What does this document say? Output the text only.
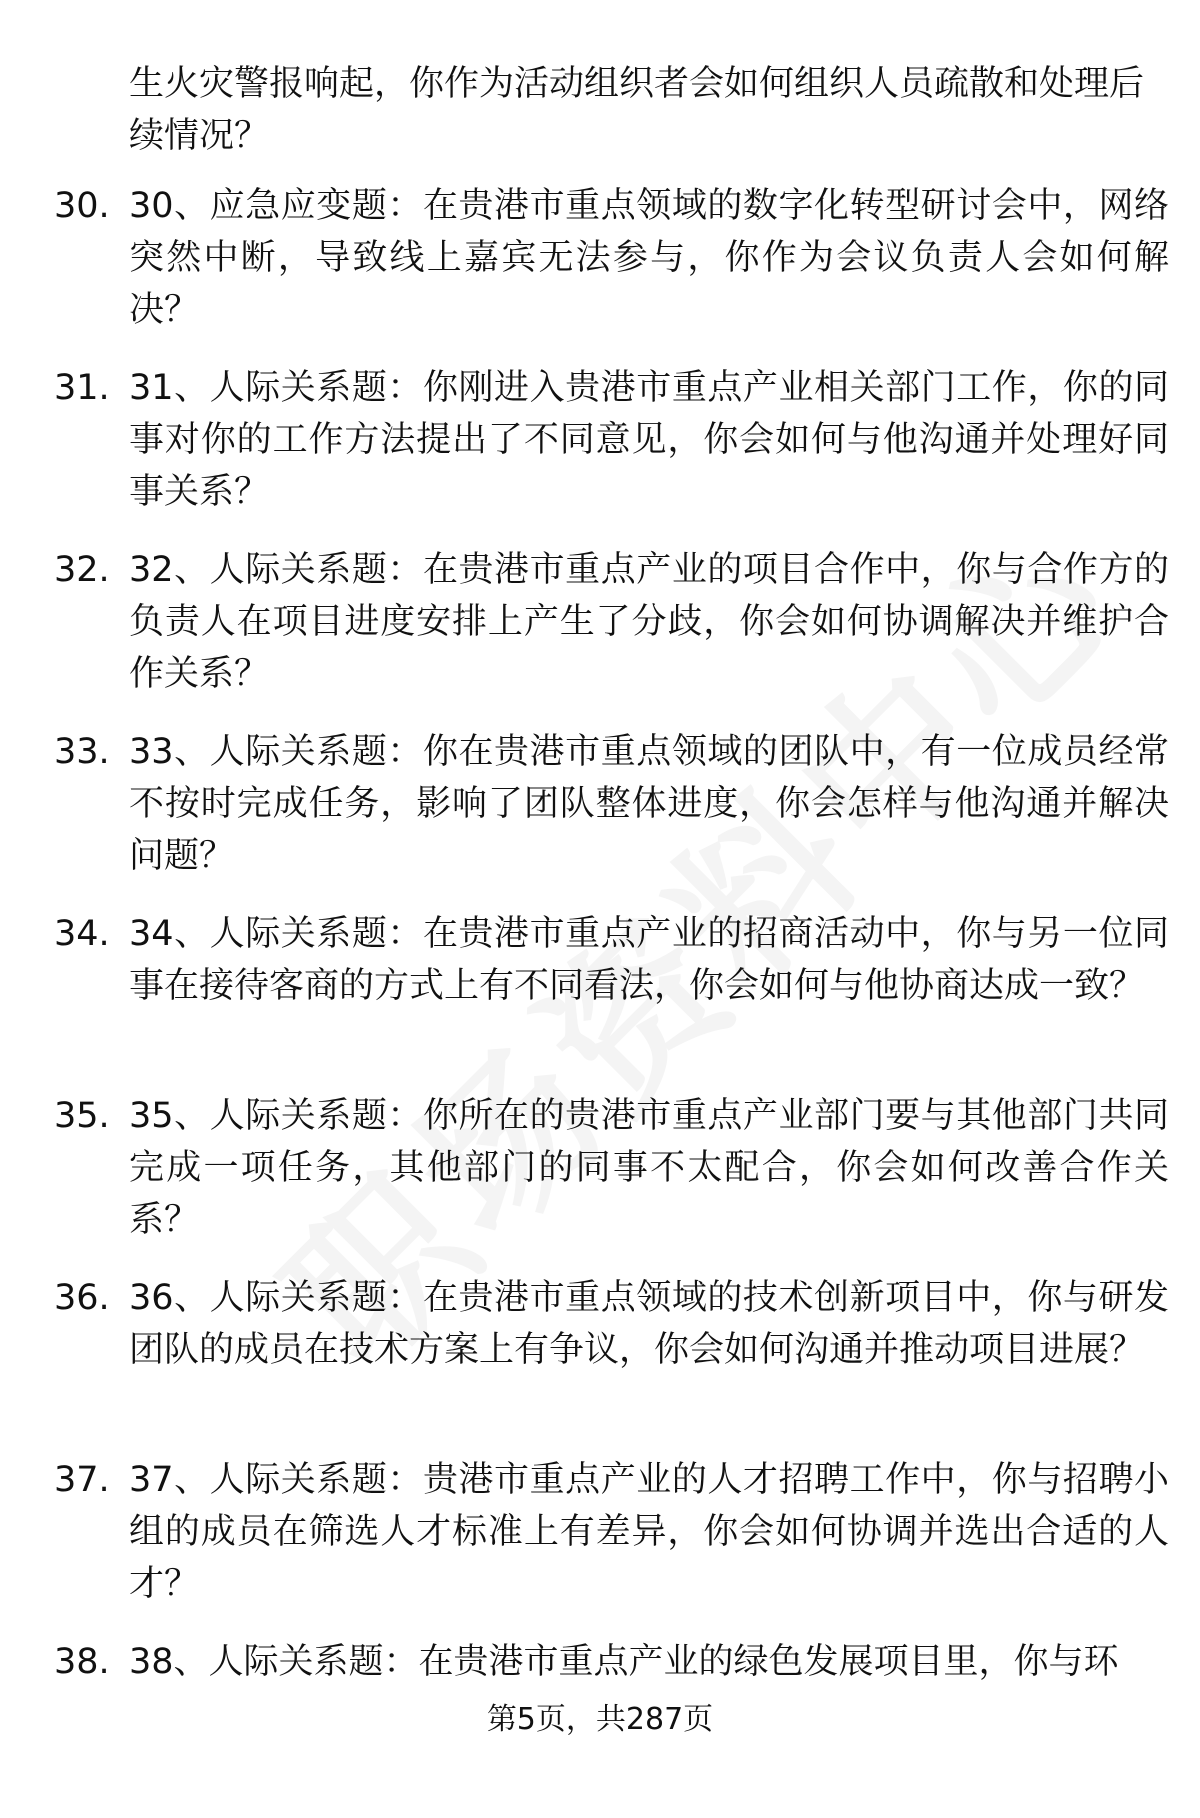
生火灾警报响起，你作为活动组织者会如何组织人员疏散和处理后续情况？
30. 30、应急应变题：在贵港市重点领域的数字化转型研讨会中，网络突然中断，导致线上嘉宾无法参与，你作为会议负责人会如何解决？
31. 31、人际关系题：你刚进入贵港市重点产业相关部门工作，你的同事对你的工作方法提出了不同意见，你会如何与他沟通并处理好同事关系？
32. 32、人际关系题：在贵港市重点产业的项目合作中，你与合作方的负责人在项目进度安排上产生了分歧，你会如何协调解决并维护合作关系？
33. 33、人际关系题：你在贵港市重点领域的团队中，有一位成员经常不按时完成任务，影响了团队整体进度，你会怎样与他沟通并解决问题？
34. 34、人际关系题：在贵港市重点产业的招商活动中，你与另一位同事在接待客商的方式上有不同看法，你会如何与他协商达成一致？
35. 35、人际关系题：你所在的贵港市重点产业部门要与其他部门共同完成一项任务，其他部门的同事不太配合，你会如何改善合作关系？
36. 36、人际关系题：在贵港市重点领域的技术创新项目中，你与研发团队的成员在技术方案上有争议，你会如何沟通并推动项目进展？
37. 37、人际关系题：贵港市重点产业的人才招聘工作中，你与招聘小组的成员在筛选人才标准上有差异，你会如何协调并选出合适的人才？
38. 38、人际关系题：在贵港市重点产业的绿色发展项目里，你与环
第5页，共287页
